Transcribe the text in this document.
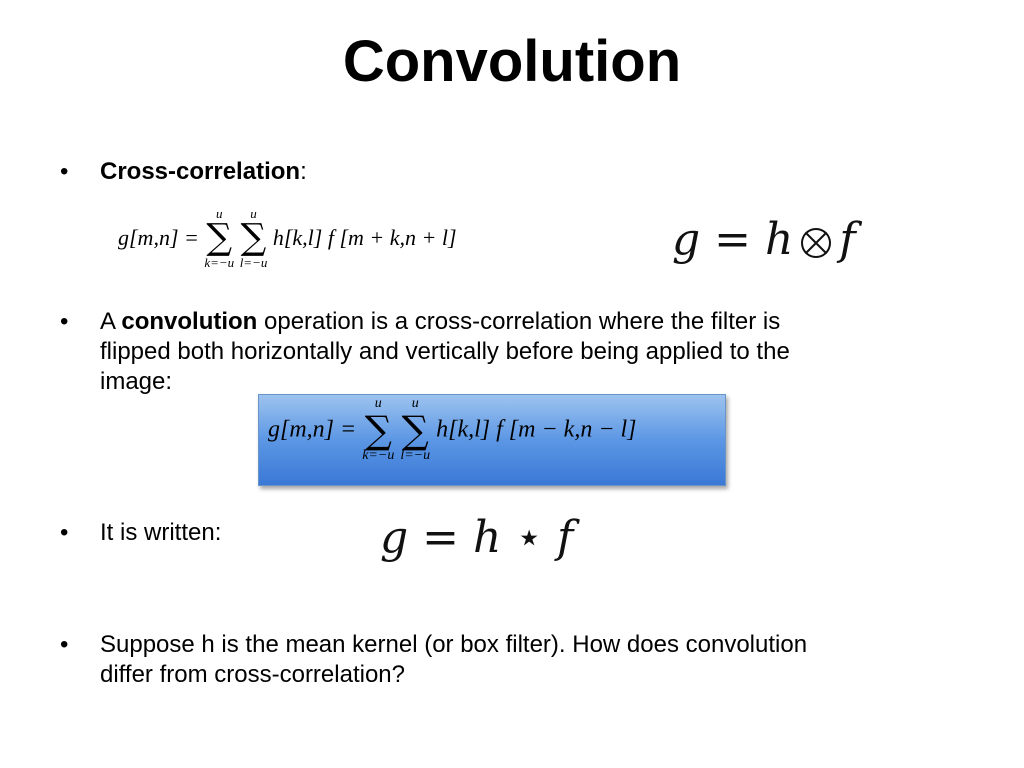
Convolution
• Cross-correlation:
g[m,n] =
u
∑
k=−u

u
∑
l=−u
h[k,l] f [m + k,n + l]	g = h f
• A convolution operation is a cross-correlation where the filter is
flipped both horizontally and vertically before being applied to the
image:
g[m,n] =
u
∑
k=−u

u
∑
l=−u
h[k,l] f [m − k,n − l]
• It is written:	g = h ⋆ f
• Suppose h is the mean kernel (or box filter). How does convolution
differ from cross-correlation?
